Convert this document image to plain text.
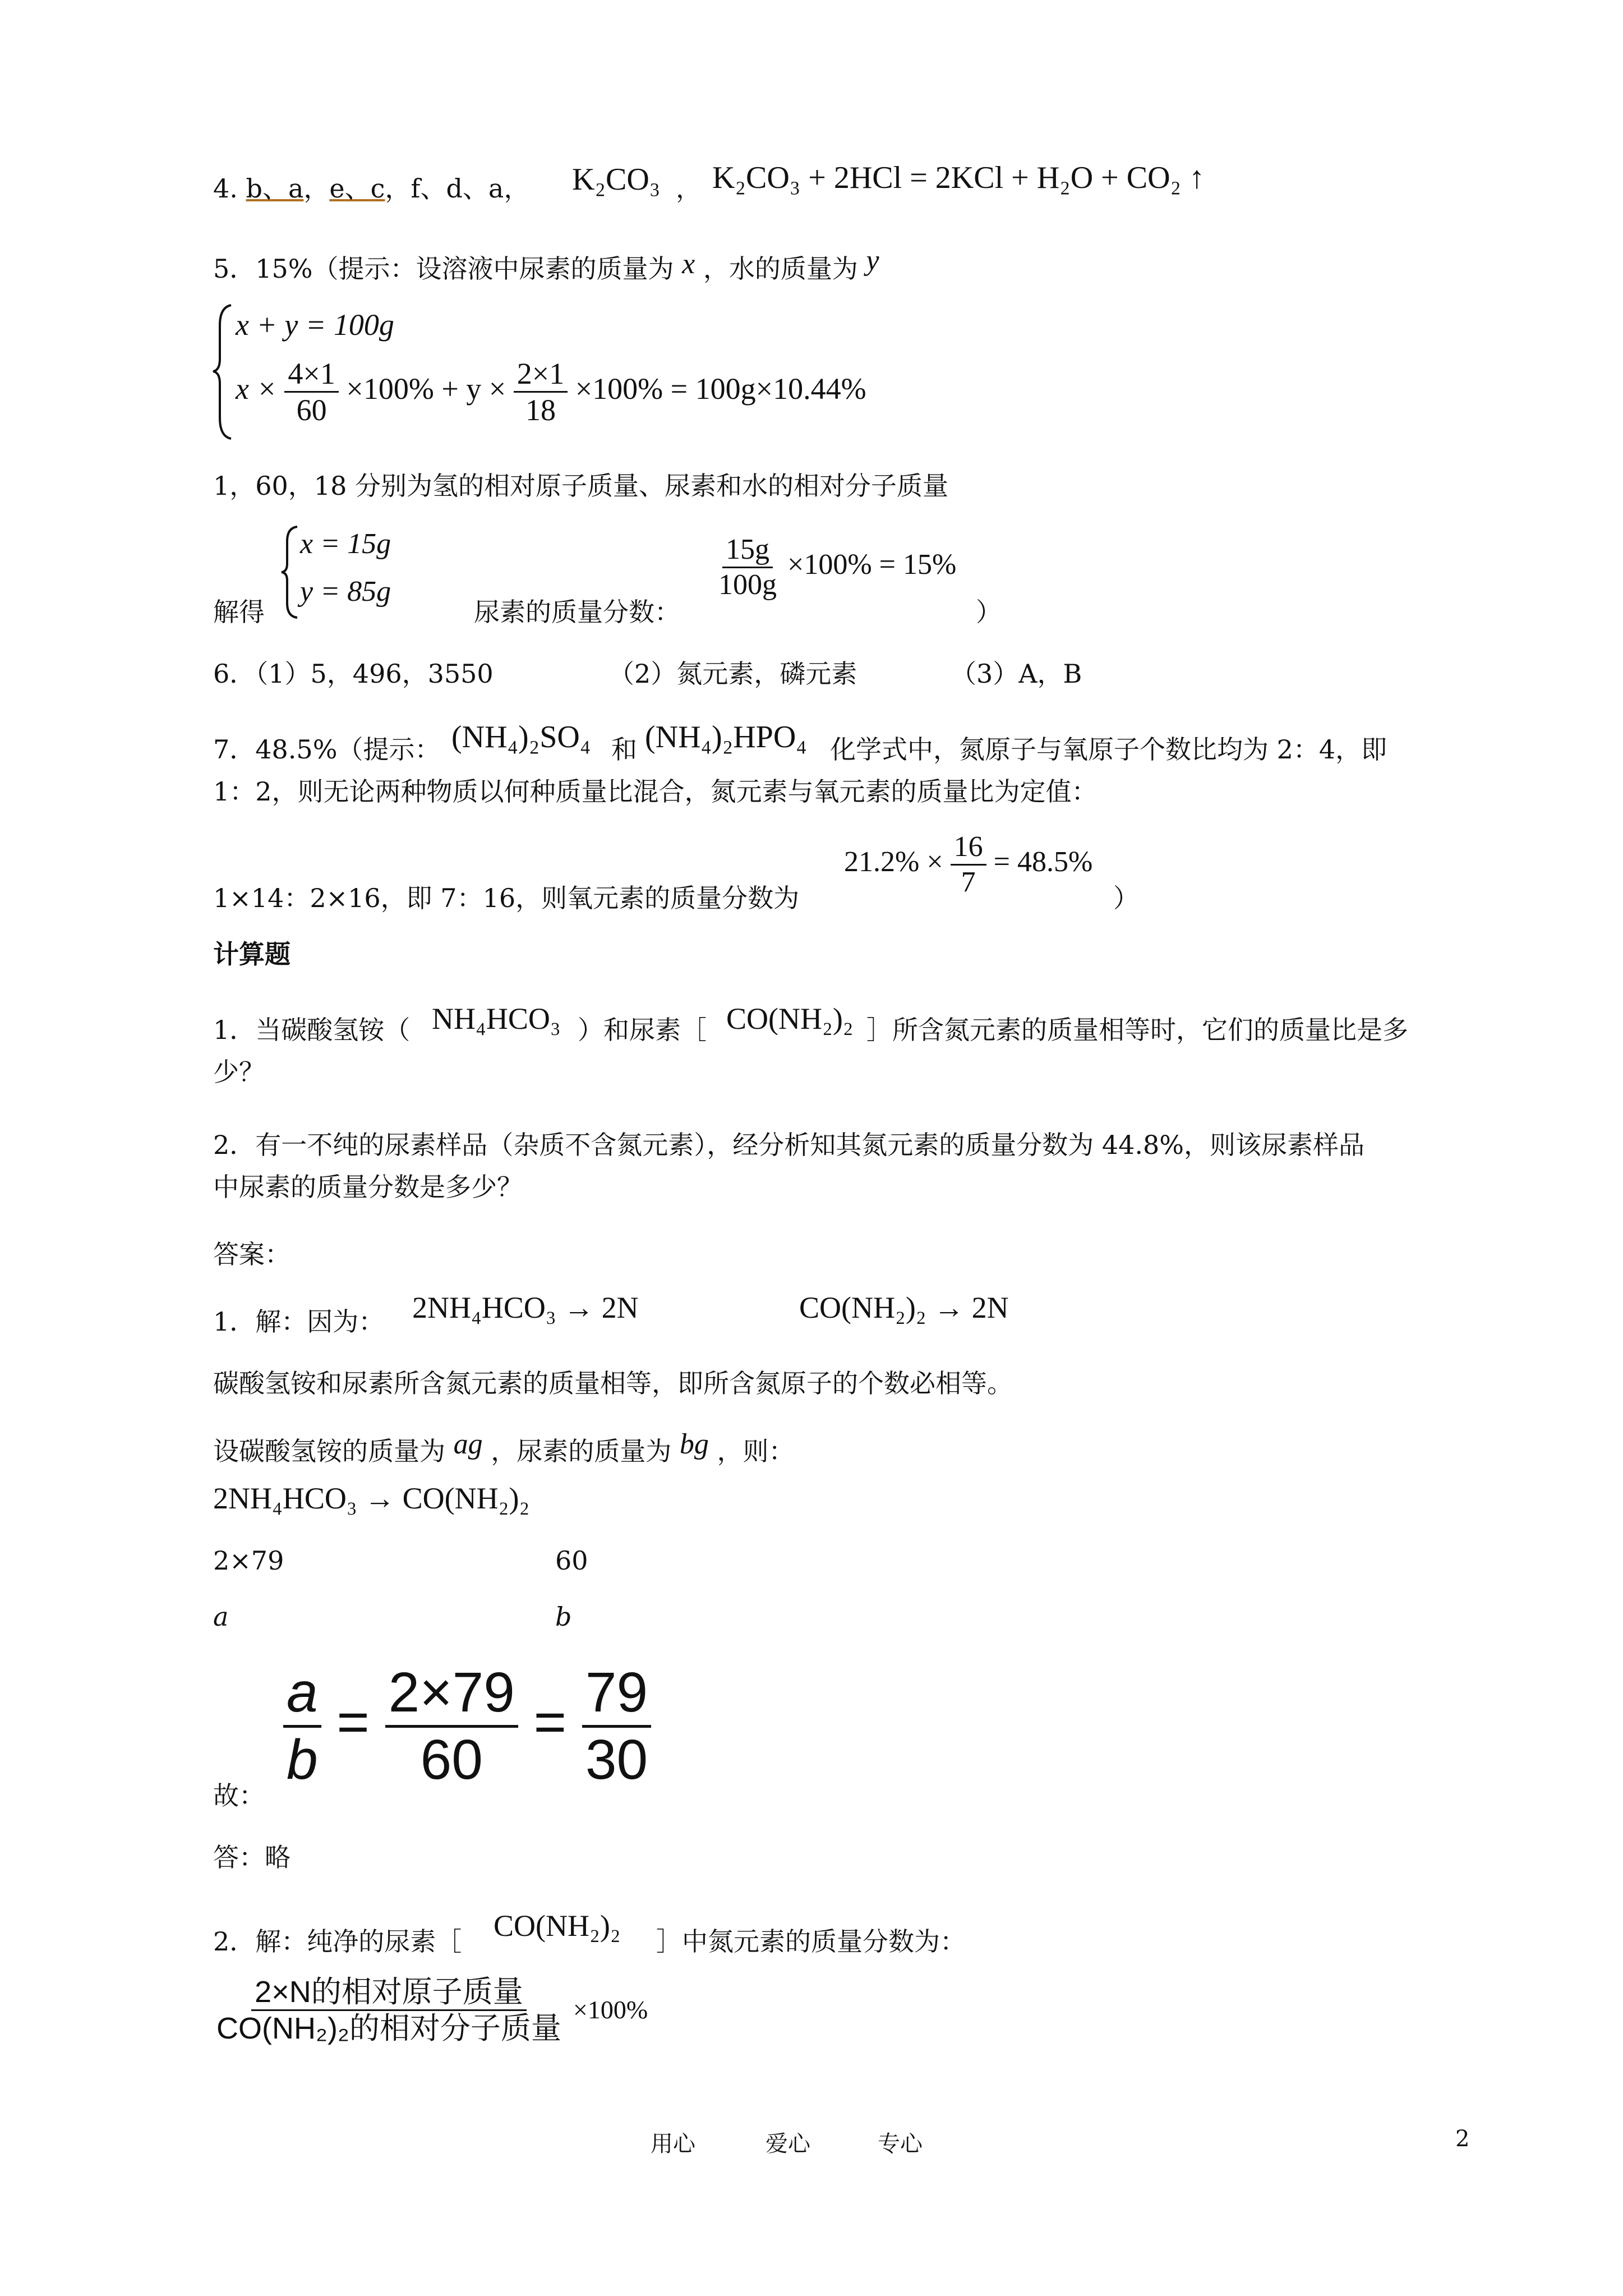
4. b、a，e、c，f、d、a， K₂CO₃ ， K₂CO₃ + 2HCl = 2KCl + H₂O + CO₂ ↑
5．15%（提示：设溶液中尿素的质量为 x ，水的质量为 y
x + y = 100g
$x \times \frac{4\times 1}{60} \times 100\% + y \times \frac{2\times 1}{18} \times 100\% = 100g\times 10.44\%$
1，60，18 分别为氢的相对原子质量、尿素和水的相对分子质量
解得
x = 15g
y = 85g
尿素的质量分数：
$\frac{15g}{100g} \times 100\% = 15\%$
）
6．（1）5，496，3550	（2）氮元素，磷元素	（3）A，B
7．48.5%（提示： (NH₄)₂SO₄ 和 (NH₄)₂HPO₄ 化学式中，氮原子与氧原子个数比均为 2：4，即
1：2，则无论两种物质以何种质量比混合，氮元素与氧元素的质量比为定值：
1×14：2×16，即 7：16，则氧元素的质量分数为
$21.2\% \times \frac{16}{7} = 48.5\%$
）
计算题
1．当碳酸氢铵（ NH₄HCO₃ ）和尿素［ CO(NH₂)₂ ］所含氮元素的质量相等时，它们的质量比是多
少？
2．有一不纯的尿素样品（杂质不含氮元素），经分析知其氮元素的质量分数为 44.8%，则该尿素样品
中尿素的质量分数是多少？
答案：
1．解：因为： 2NH₄HCO₃ → 2N	CO(NH₂)₂ → 2N
碳酸氢铵和尿素所含氮元素的质量相等，即所含氮原子的个数必相等。
设碳酸氢铵的质量为 ag ，尿素的质量为 bg ，则：
2NH₄HCO₃ → CO(NH₂)₂
2×79	60
a	b
故：
$\frac{a}{b} = \frac{2\times 79}{60} = \frac{79}{30}$
答：略
2．解：纯净的尿素［ CO(NH₂)₂ ］中氮元素的质量分数为：
$\frac{\text{2×N的相对原子质量}}{\text{CO(NH₂)₂的相对分子质量}} \times 100\%$
用心	爱心	专心	2
